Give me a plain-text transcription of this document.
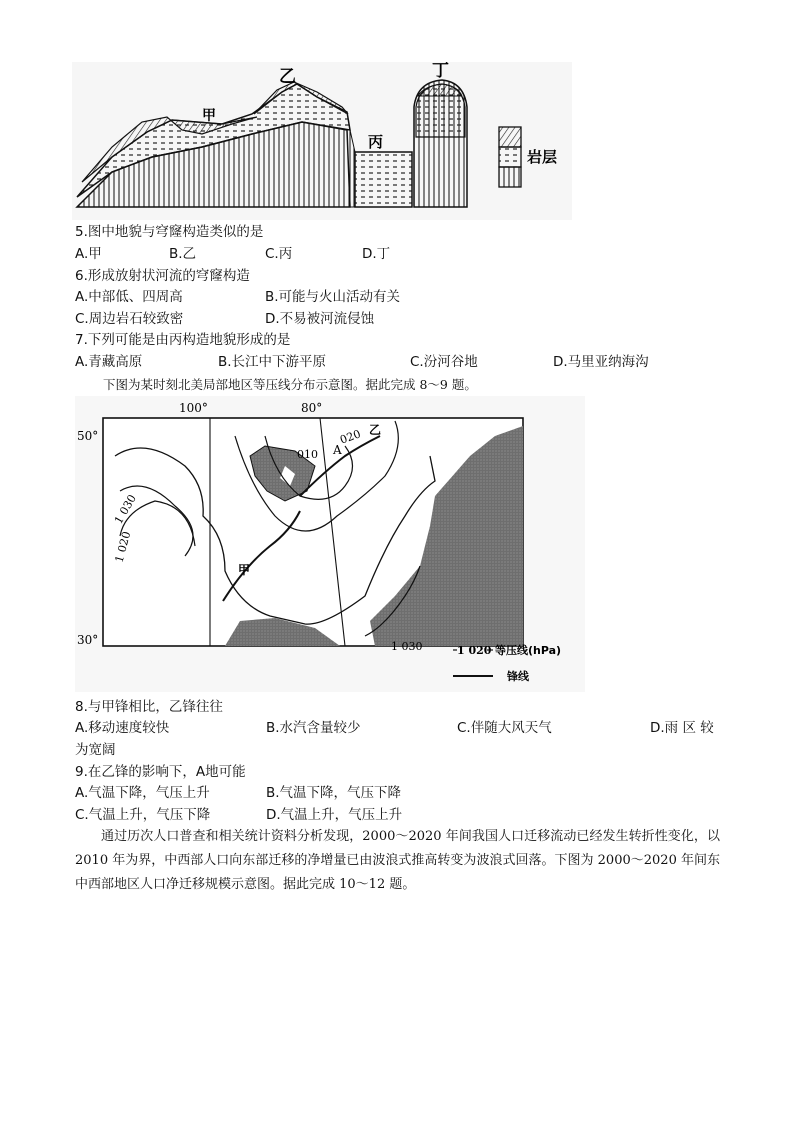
甲
乙
丙
丁
岩层
5.图中地貌与穹窿构造类似的是
A.甲	B.乙	C.丙	D.丁
6.形成放射状河流的穹窿构造
A.中部低、四周高	B.可能与火山活动有关
C.周边岩石较致密	D.不易被河流侵蚀
7.下列可能是由丙构造地貌形成的是
A.青藏高原	B.长江中下游平原	C.汾河谷地	D.马里亚纳海沟
下图为某时刻北美局部地区等压线分布示意图。据此完成 8～9 题。
100°	80°
50°
30°
1 030
1 020
010
020
1 030
A
甲
乙
1 020 等压线(hPa)
锋线
8.与甲锋相比，乙锋往往
A.移动速度较快	B.水汽含量较少	C.伴随大风天气	D.雨 区 较
为宽阔
9.在乙锋的影响下，A地可能
A.气温下降，气压上升	B.气温下降，气压下降
C.气温上升，气压下降	D.气温上升，气压上升
通过历次人口普查和相关统计资料分析发现，2000～2020 年间我国人口迁移流动已经发生转折性变化，以 2010 年为界，中西部人口向东部迁移的净增量已由波浪式推高转变为波浪式回落。下图为 2000～2020 年间东中西部地区人口净迁移规模示意图。据此完成 10～12 题。
